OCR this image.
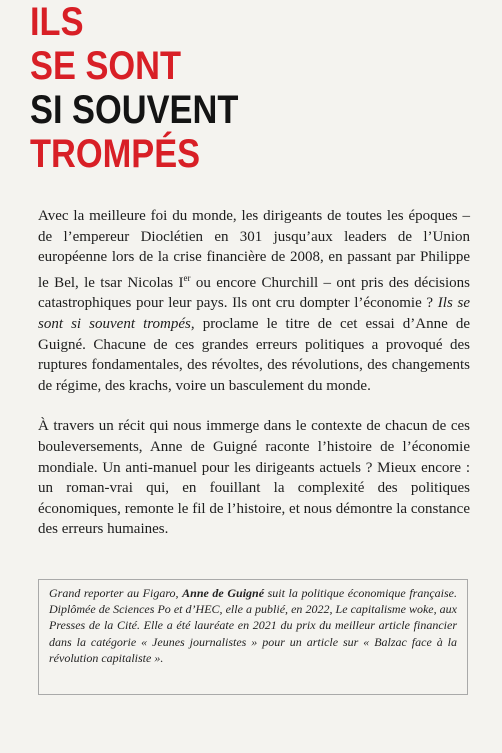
ILS
SE SONT
SI SOUVENT
TROMPÉS

Avec la meilleure foi du monde, les dirigeants de toutes les époques – de l’empereur Dioclétien en 301 jusqu’aux leaders de l’Union européenne lors de la crise financière de 2008, en passant par Philippe le Bel, le tsar Nicolas Ier ou encore Churchill – ont pris des décisions catastrophiques pour leur pays. Ils ont cru dompter l’économie ? Ils se sont si souvent trompés, proclame le titre de cet essai d’Anne de Guigné. Chacune de ces grandes erreurs politiques a provoqué des ruptures fondamentales, des révoltes, des révolutions, des changements de régime, des krachs, voire un basculement du monde.

À travers un récit qui nous immerge dans le contexte de chacun de ces bouleversements, Anne de Guigné raconte l’histoire de l’économie mondiale. Un anti-manuel pour les dirigeants actuels ? Mieux encore : un roman-vrai qui, en fouillant la complexité des politiques économiques, remonte le fil de l’histoire, et nous démontre la constance des erreurs humaines.

Grand reporter au Figaro, Anne de Guigné suit la politique économique française. Diplômée de Sciences Po et d’HEC, elle a publié, en 2022, Le capitalisme woke, aux Presses de la Cité. Elle a été lauréate en 2021 du prix du meilleur article financier dans la catégorie « Jeunes journalistes » pour un article sur « Balzac face à la révolution capitaliste ».
